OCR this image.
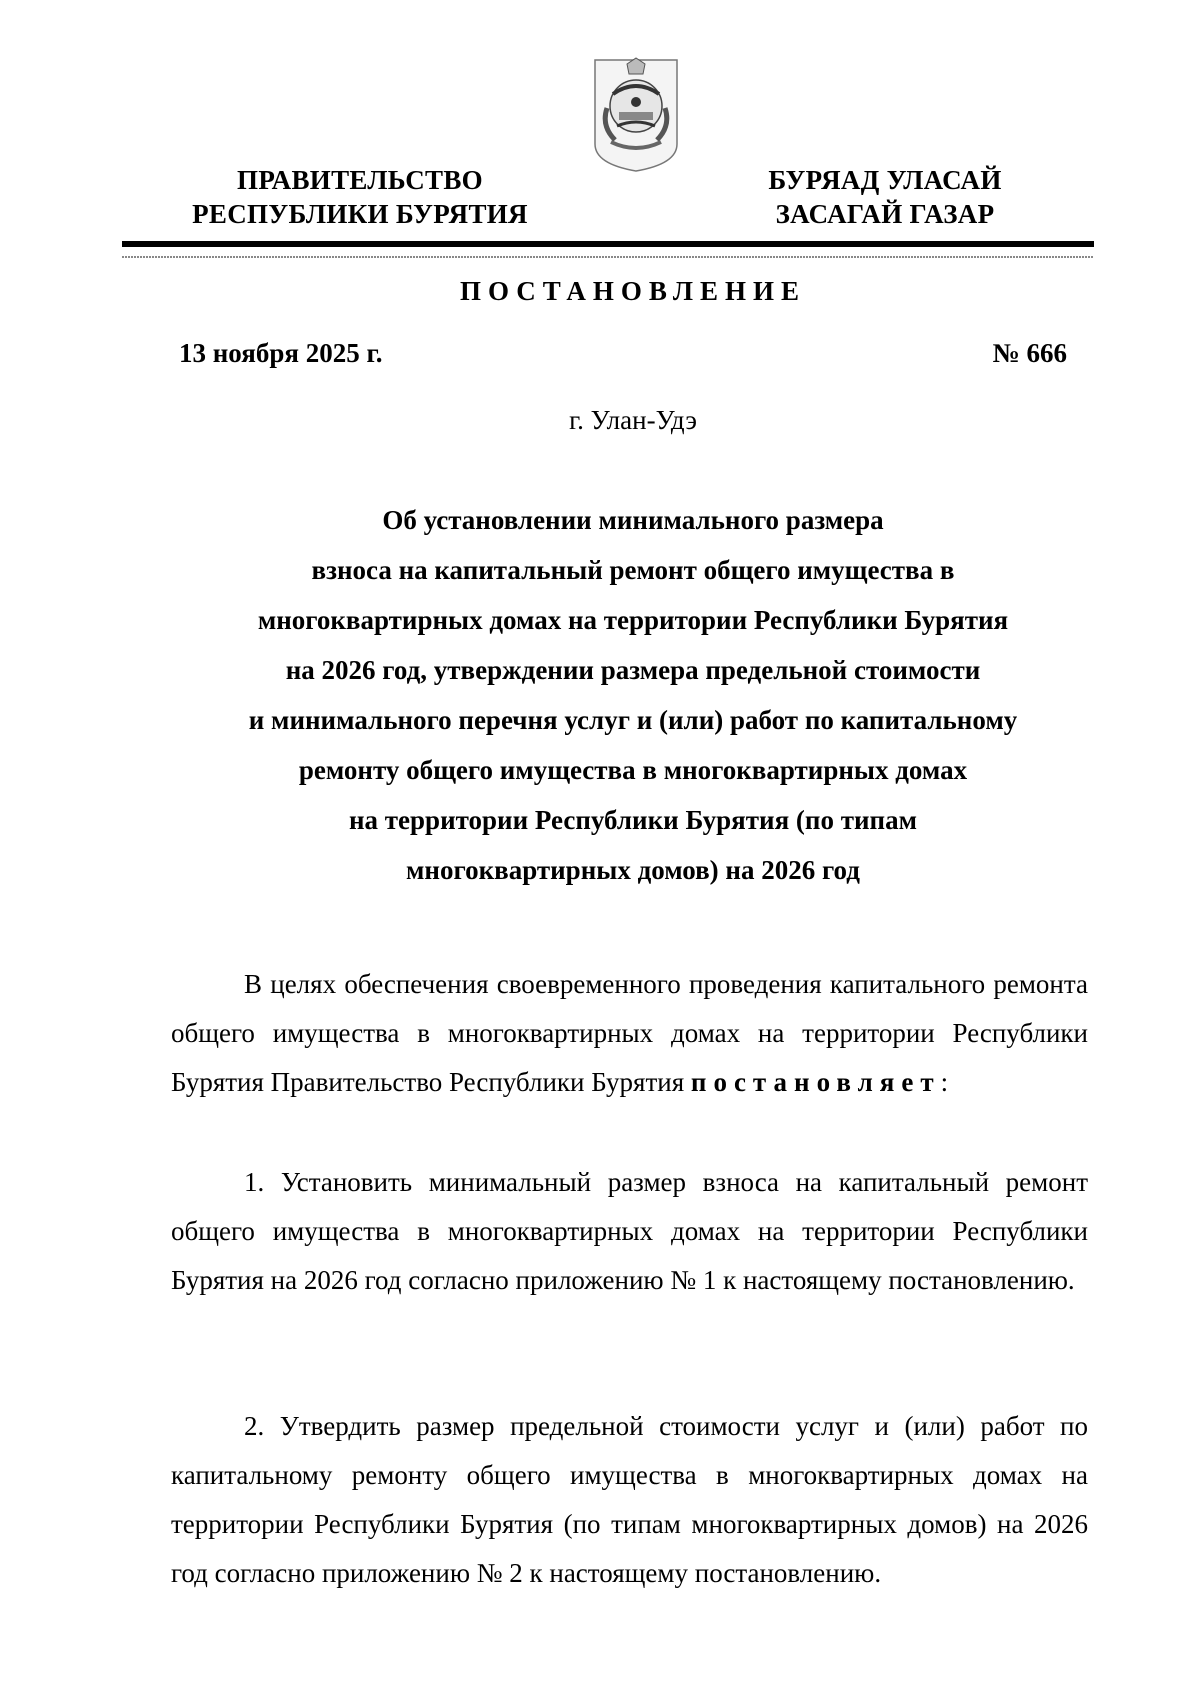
ПРАВИТЕЛЬСТВО
РЕСПУБЛИКИ БУРЯТИЯ
БУРЯАД УЛАСАЙ
ЗАСАГАЙ ГАЗАР
ПОСТАНОВЛЕНИЕ
13 ноября 2025 г.	№ 666
г. Улан-Удэ
Об установлении минимального размера
взноса на капитальный ремонт общего имущества в
многоквартирных домах на территории Республики Бурятия
на 2026 год, утверждении размера предельной стоимости
и минимального перечня услуг и (или) работ по капитальному
ремонту общего имущества в многоквартирных домах
на территории Республики Бурятия (по типам
многоквартирных домов) на 2026 год

В целях обеспечения своевременного проведения капитального ремонта общего имущества в многоквартирных домах на территории Республики Бурятия Правительство Республики Бурятия постановляет:

1. Установить минимальный размер взноса на капитальный ремонт общего имущества в многоквартирных домах на территории Республики Бурятия на 2026 год согласно приложению № 1 к настоящему постановлению.

2. Утвердить размер предельной стоимости услуг и (или) работ по капитальному ремонту общего имущества в многоквартирных домах на территории Республики Бурятия (по типам многоквартирных домов) на 2026 год согласно приложению № 2 к настоящему постановлению.
